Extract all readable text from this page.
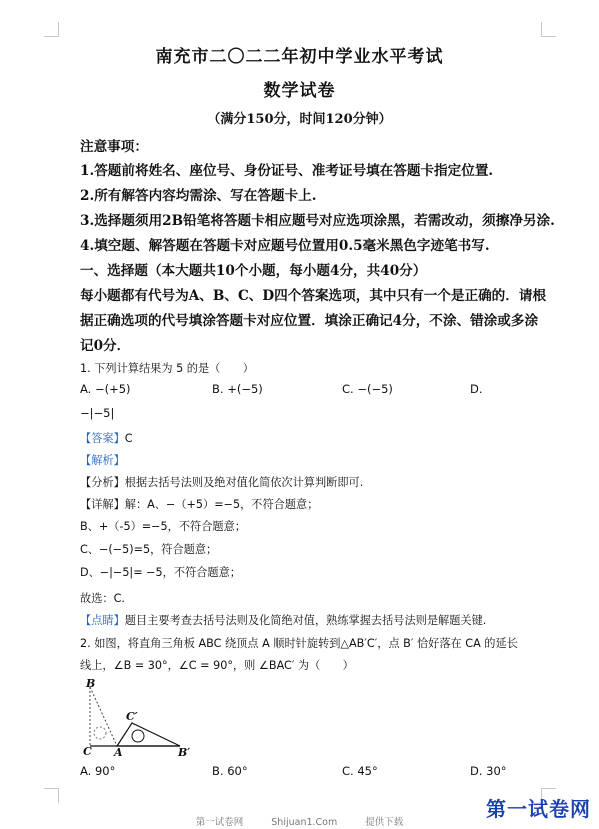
南充市二〇二二年初中学业水平考试
数学试卷
（满分150分，时间120分钟）
注意事项：
1.答题前将姓名、座位号、身份证号、准考证号填在答题卡指定位置.
2.所有解答内容均需涂、写在答题卡上.
3.选择题须用2B铅笔将答题卡相应题号对应选项涂黑，若需改动，须擦净另涂.
4.填空题、解答题在答题卡对应题号位置用0.5毫米黑色字迹笔书写.
一、选择题（本大题共10个小题，每小题4分，共40分）
每小题都有代号为A、B、C、D四个答案选项，其中只有一个是正确的．请根
据正确选项的代号填涂答题卡对应位置．填涂正确记4分，不涂、错涂或多涂
记0分．
1. 下列计算结果为 5 的是（　　）
A. −(+5)	B. +(−5)	C. −(−5)	D.
−|−5|
【答案】C
【解析】
【分析】根据去括号法则及绝对值化简依次计算判断即可.
【详解】解：A、−（+5）=−5，不符合题意；
B、+（-5）=−5，不符合题意；
C、−(−5)=5，符合题意；
D、−|−5|= −5，不符合题意；
故选：C.
【点睛】题目主要考查去括号法则及化简绝对值，熟练掌握去括号法则是解题关键.
2. 如图，将直角三角板 ABC 绕顶点 A 顺时针旋转到△AB′C′，点 B′ 恰好落在 CA 的延长
线上，∠B = 30°，∠C = 90°，则 ∠BAC′ 为（　　）
B
C′
C A	B′
A. 90°	B. 60°	C. 45°	D. 30°
第一试卷网
第一试卷网	Shijuan1.Com	提供下载
